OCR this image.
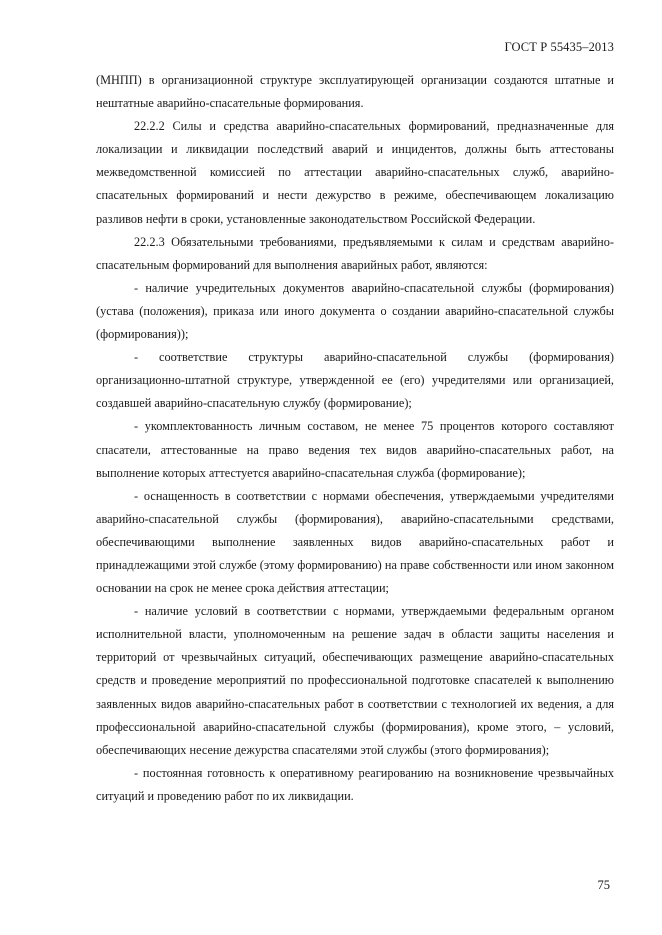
ГОСТ Р 55435–2013

(МНПП) в организационной структуре эксплуатирующей организации создаются штатные и нештатные аварийно-спасательные формирования.

22.2.2 Силы и средства аварийно-спасательных формирований, предназначенные для локализации и ликвидации последствий аварий и инцидентов, должны быть аттестованы межведомственной комиссией по аттестации аварийно-спасательных служб, аварийно-спасательных формирований и нести дежурство в режиме, обеспечивающем локализацию разливов нефти в сроки, установленные законодательством Российской Федерации.

22.2.3 Обязательными требованиями, предъявляемыми к силам и средствам аварийно-спасательным формирований для выполнения аварийных работ, являются:

- наличие учредительных документов аварийно-спасательной службы (формирования) (устава (положения), приказа или иного документа о создании аварийно-спасательной службы (формирования));

- соответствие структуры аварийно-спасательной службы (формирования) организационно-штатной структуре, утвержденной ее (его) учредителями или организацией, создавшей аварийно-спасательную службу (формирование);

- укомплектованность личным составом, не менее 75 процентов которого составляют спасатели, аттестованные на право ведения тех видов аварийно-спасательных работ, на выполнение которых аттестуется аварийно-спасательная служба (формирование);

- оснащенность в соответствии с нормами обеспечения, утверждаемыми учредителями аварийно-спасательной службы (формирования), аварийно-спасательными средствами, обеспечивающими выполнение заявленных видов аварийно-спасательных работ и принадлежащими этой службе (этому формированию) на праве собственности или ином законном основании на срок не менее срока действия аттестации;

- наличие условий в соответствии с нормами, утверждаемыми федеральным органом исполнительной власти, уполномоченным на решение задач в области защиты населения и территорий от чрезвычайных ситуаций, обеспечивающих размещение аварийно-спасательных средств и проведение мероприятий по профессиональной подготовке спасателей к выполнению заявленных видов аварийно-спасательных работ в соответствии с технологией их ведения, а для профессиональной аварийно-спасательной службы (формирования), кроме этого, – условий, обеспечивающих несение дежурства спасателями этой службы (этого формирования);

- постоянная готовность к оперативному реагированию на возникновение чрезвычайных ситуаций и проведению работ по их ликвидации.

75
